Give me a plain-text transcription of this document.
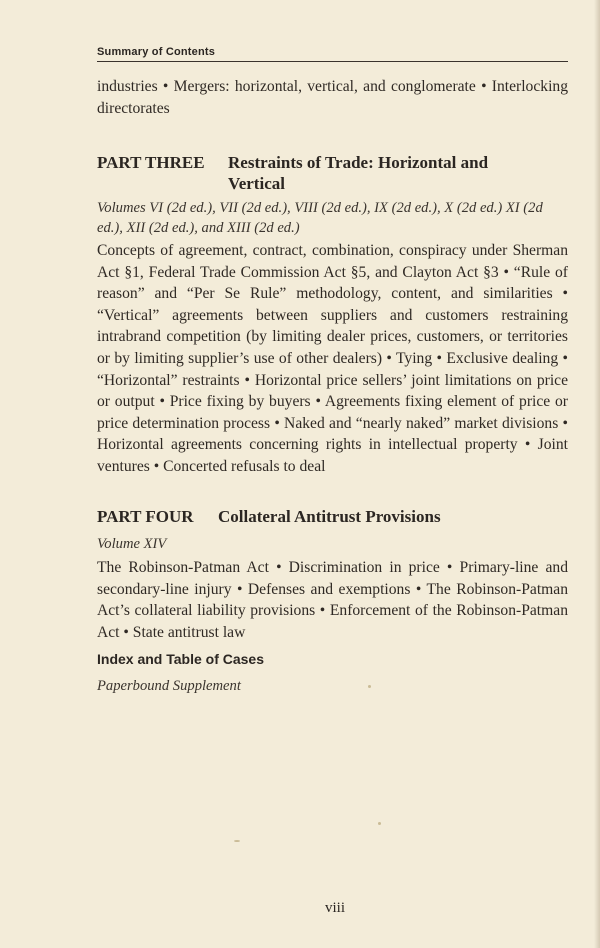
Summary of Contents
industries • Mergers: horizontal, vertical, and conglomerate • Interlocking directorates
PART THREE Restraints of Trade: Horizontal and Vertical
Volumes VI (2d ed.), VII (2d ed.), VIII (2d ed.), IX (2d ed.), X (2d ed.) XI (2d ed.), XII (2d ed.), and XIII (2d ed.)
Concepts of agreement, contract, combination, conspiracy under Sherman Act §1, Federal Trade Commission Act §5, and Clayton Act §3 • “Rule of reason” and “Per Se Rule” methodology, content, and similarities • “Vertical” agreements between suppliers and customers restraining intrabrand competition (by limiting dealer prices, customers, or territories or by limiting supplier’s use of other dealers) • Tying • Exclusive dealing • “Horizontal” restraints • Horizontal price sellers’ joint limitations on price or output • Price fixing by buyers • Agreements fixing element of price or price determination process • Naked and “nearly naked” market divisions • Horizontal agreements concerning rights in intellectual property • Joint ventures • Concerted refusals to deal
PART FOUR Collateral Antitrust Provisions
Volume XIV
The Robinson-Patman Act • Discrimination in price • Primary-line and secondary-line injury • Defenses and exemptions • The Robinson-Patman Act’s collateral liability provisions • Enforcement of the Robinson-Patman Act • State antitrust law
Index and Table of Cases
Paperbound Supplement
viii
